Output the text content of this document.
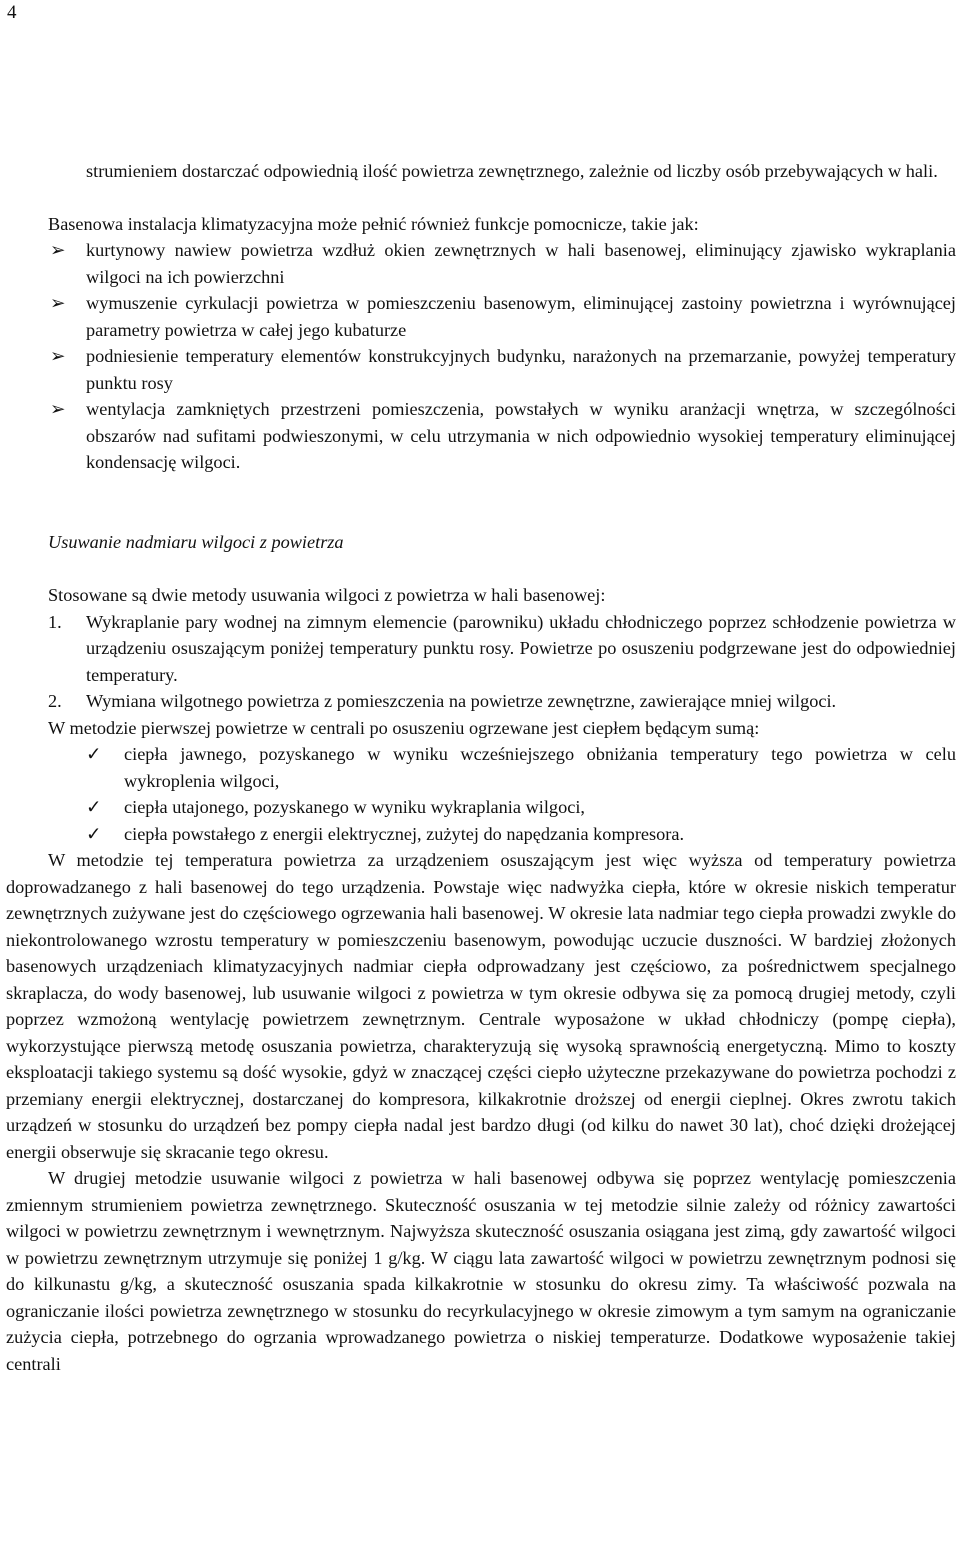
4

strumieniem dostarczać odpowiednią ilość powietrza zewnętrznego, zależnie od liczby osób przebywających w hali.

Basenowa instalacja klimatyzacyjna może pełnić również funkcje pomocnicze, takie jak:

➢ kurtynowy nawiew powietrza wzdłuż okien zewnętrznych w hali basenowej, eliminujący zjawisko wykraplania wilgoci na ich powierzchni
➢ wymuszenie cyrkulacji powietrza w pomieszczeniu basenowym, eliminującej zastoiny powietrzna i wyrównującej parametry powietrza w całej jego kubaturze
➢ podniesienie temperatury elementów konstrukcyjnych budynku, narażonych na przemarzanie, powyżej temperatury punktu rosy
➢ wentylacja zamkniętych przestrzeni pomieszczenia, powstałych w wyniku aranżacji wnętrza, w szczególności obszarów nad sufitami podwieszonymi, w celu utrzymania w nich odpowiednio wysokiej temperatury eliminującej kondensację wilgoci.

Usuwanie nadmiaru wilgoci z powietrza

Stosowane są dwie metody usuwania wilgoci z powietrza w hali basenowej:

1. Wykraplanie pary wodnej na zimnym elemencie (parowniku) układu chłodniczego poprzez schłodzenie powietrza w urządzeniu osuszającym poniżej temperatury punktu rosy. Powietrze po osuszeniu podgrzewane jest do odpowiedniej temperatury.
2. Wymiana wilgotnego powietrza z pomieszczenia na powietrze zewnętrzne, zawierające mniej wilgoci.

W metodzie pierwszej powietrze w centrali po osuszeniu ogrzewane jest ciepłem będącym sumą:

✓ ciepła jawnego, pozyskanego w wyniku wcześniejszego obniżania temperatury tego powietrza w celu wykroplenia wilgoci,
✓ ciepła utajonego, pozyskanego w wyniku wykraplania wilgoci,
✓ ciepła powstałego z energii elektrycznej, zużytej do napędzania kompresora.

W metodzie tej temperatura powietrza za urządzeniem osuszającym jest więc wyższa od temperatury powietrza doprowadzanego z hali basenowej do tego urządzenia. Powstaje więc nadwyżka ciepła, które w okresie niskich temperatur zewnętrznych zużywane jest do częściowego ogrzewania hali basenowej. W okresie lata nadmiar tego ciepła prowadzi zwykle do niekontrolowanego wzrostu temperatury w pomieszczeniu basenowym, powodując uczucie duszności. W bardziej złożonych basenowych urządzeniach klimatyzacyjnych nadmiar ciepła odprowadzany jest częściowo, za pośrednictwem specjalnego skraplacza, do wody basenowej, lub usuwanie wilgoci z powietrza w tym okresie odbywa się za pomocą drugiej metody, czyli poprzez wzmożoną wentylację powietrzem zewnętrznym. Centrale wyposażone w układ chłodniczy (pompę ciepła), wykorzystujące pierwszą metodę osuszania powietrza, charakteryzują się wysoką sprawnością energetyczną. Mimo to koszty eksploatacji takiego systemu są dość wysokie, gdyż w znaczącej części ciepło użyteczne przekazywane do powietrza pochodzi z przemiany energii elektrycznej, dostarczanej do kompresora, kilkakrotnie droższej od energii cieplnej. Okres zwrotu takich urządzeń w stosunku do urządzeń bez pompy ciepła nadal jest bardzo długi (od kilku do nawet 30 lat), choć dzięki drożejącej energii obserwuje się skracanie tego okresu.

W drugiej metodzie usuwanie wilgoci z powietrza w hali basenowej odbywa się poprzez wentylację pomieszczenia zmiennym strumieniem powietrza zewnętrznego. Skuteczność osuszania w tej metodzie silnie zależy od różnicy zawartości wilgoci w powietrzu zewnętrznym i wewnętrznym. Najwyższa skuteczność osuszania osiągana jest zimą, gdy zawartość wilgoci w powietrzu zewnętrznym utrzymuje się poniżej 1 g/kg. W ciągu lata zawartość wilgoci w powietrzu zewnętrznym podnosi się do kilkunastu g/kg, a skuteczność osuszania spada kilkakrotnie w stosunku do okresu zimy. Ta właściwość pozwala na ograniczanie ilości powietrza zewnętrznego w stosunku do recyrkulacyjnego w okresie zimowym a tym samym na ograniczanie zużycia ciepła, potrzebnego do ogrzania wprowadzanego powietrza o niskiej temperaturze. Dodatkowe wyposażenie takiej centrali
